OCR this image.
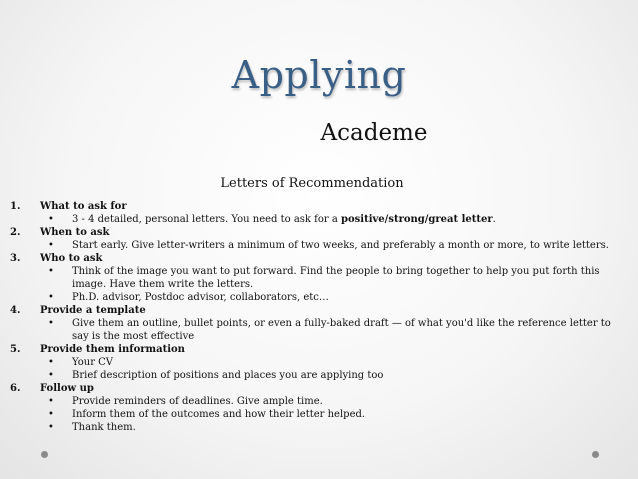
Applying
Academe
Letters of Recommendation
1. What to ask for
• 3 - 4 detailed, personal letters. You need to ask for a positive/strong/great letter.
2. When to ask
• Start early. Give letter-writers a minimum of two weeks, and preferably a month or more, to write letters.
3. Who to ask
• Think of the image you want to put forward. Find the people to bring together to help you put forth this image. Have them write the letters.
• Ph.D. advisor, Postdoc advisor, collaborators, etc…
4. Provide a template
• Give them an outline, bullet points, or even a fully-baked draft — of what you'd like the reference letter to say is the most effective
5. Provide them information
• Your CV
• Brief description of positions and places you are applying too
6. Follow up
• Provide reminders of deadlines. Give ample time.
• Inform them of the outcomes and how their letter helped.
• Thank them.
